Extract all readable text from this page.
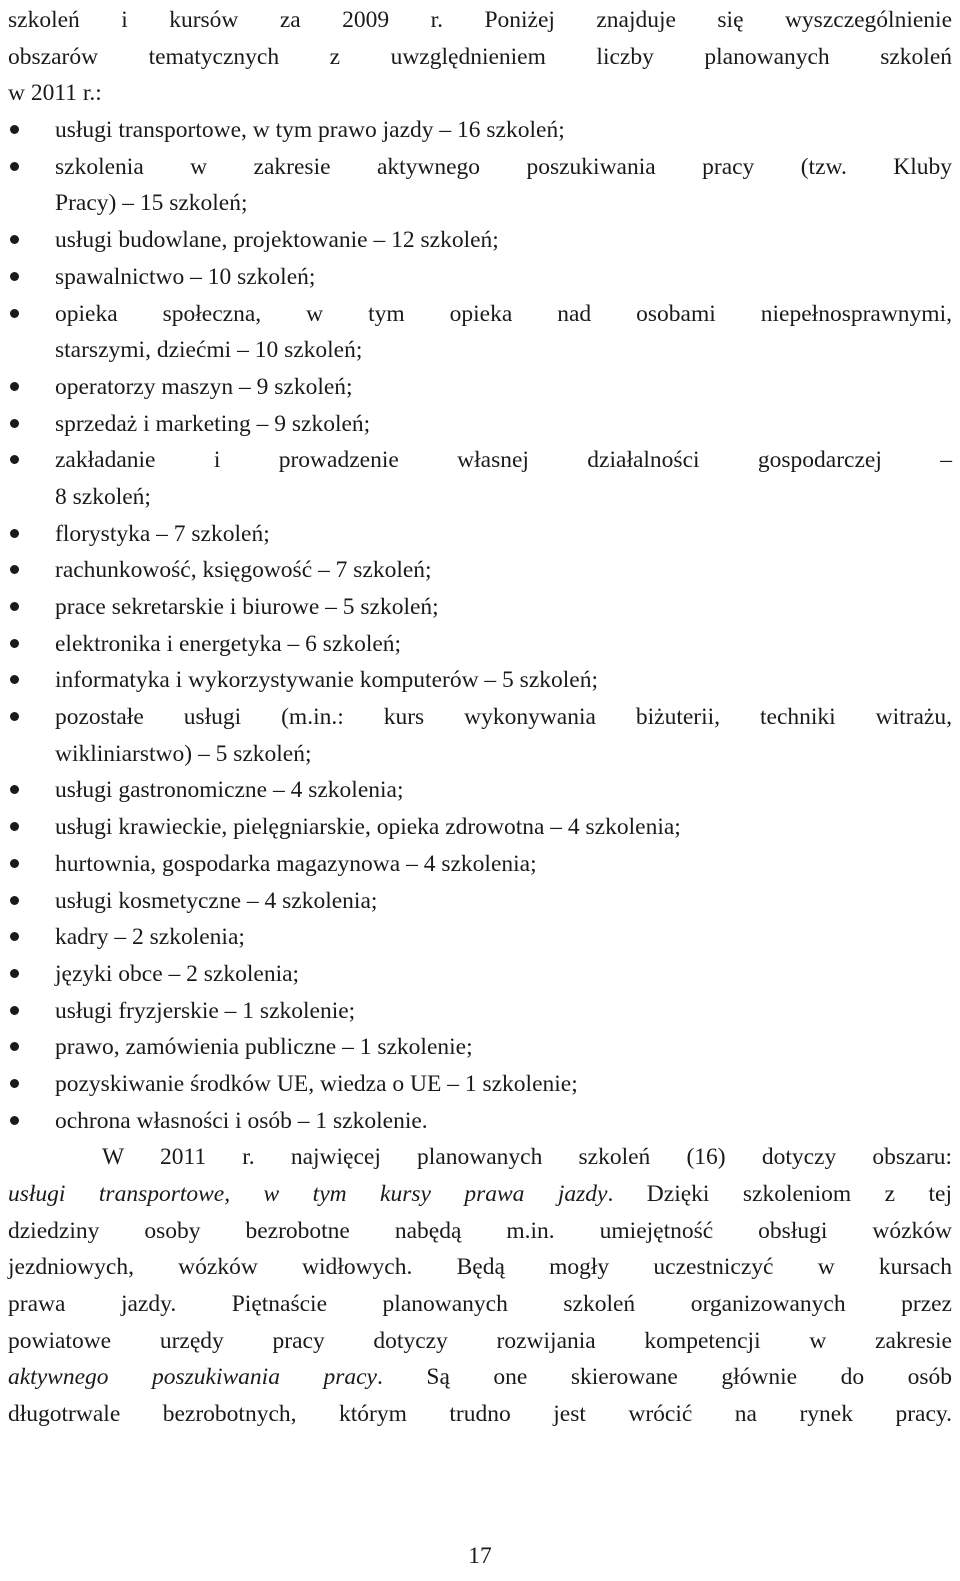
szkoleń i kursów za 2009 r. Poniżej znajduje się wyszczególnienie
obszarów tematycznych z uwzględnieniem liczby planowanych szkoleń
w 2011 r.:
usługi transportowe, w tym prawo jazdy – 16 szkoleń;
szkolenia w zakresie aktywnego poszukiwania pracy (tzw. Kluby
Pracy) – 15 szkoleń;
usługi budowlane, projektowanie – 12 szkoleń;
spawalnictwo – 10 szkoleń;
opieka społeczna, w tym opieka nad osobami niepełnosprawnymi,
starszymi, dziećmi – 10 szkoleń;
operatorzy maszyn – 9 szkoleń;
sprzedaż i marketing – 9 szkoleń;
zakładanie i prowadzenie własnej działalności gospodarczej –
8 szkoleń;
florystyka – 7 szkoleń;
rachunkowość, księgowość – 7 szkoleń;
prace sekretarskie i biurowe – 5 szkoleń;
elektronika i energetyka – 6 szkoleń;
informatyka i wykorzystywanie komputerów – 5 szkoleń;
pozostałe usługi (m.in.: kurs wykonywania biżuterii, techniki witrażu,
wikliniarstwo) – 5 szkoleń;
usługi gastronomiczne – 4 szkolenia;
usługi krawieckie, pielęgniarskie, opieka zdrowotna – 4 szkolenia;
hurtownia, gospodarka magazynowa – 4 szkolenia;
usługi kosmetyczne – 4 szkolenia;
kadry – 2 szkolenia;
języki obce – 2 szkolenia;
usługi fryzjerskie – 1 szkolenie;
prawo, zamówienia publiczne – 1 szkolenie;
pozyskiwanie środków UE, wiedza o UE – 1 szkolenie;
ochrona własności i osób – 1 szkolenie.
W 2011 r. najwięcej planowanych szkoleń (16) dotyczy obszaru:
usługi transportowe, w tym kursy prawa jazdy. Dzięki szkoleniom z tej
dziedziny osoby bezrobotne nabędą m.in. umiejętność obsługi wózków
jezdniowych, wózków widłowych. Będą mogły uczestniczyć w kursach
prawa jazdy. Piętnaście planowanych szkoleń organizowanych przez
powiatowe urzędy pracy dotyczy rozwijania kompetencji w zakresie
aktywnego poszukiwania pracy. Są one skierowane głównie do osób
długotrwale bezrobotnych, którym trudno jest wrócić na rynek pracy.
17
